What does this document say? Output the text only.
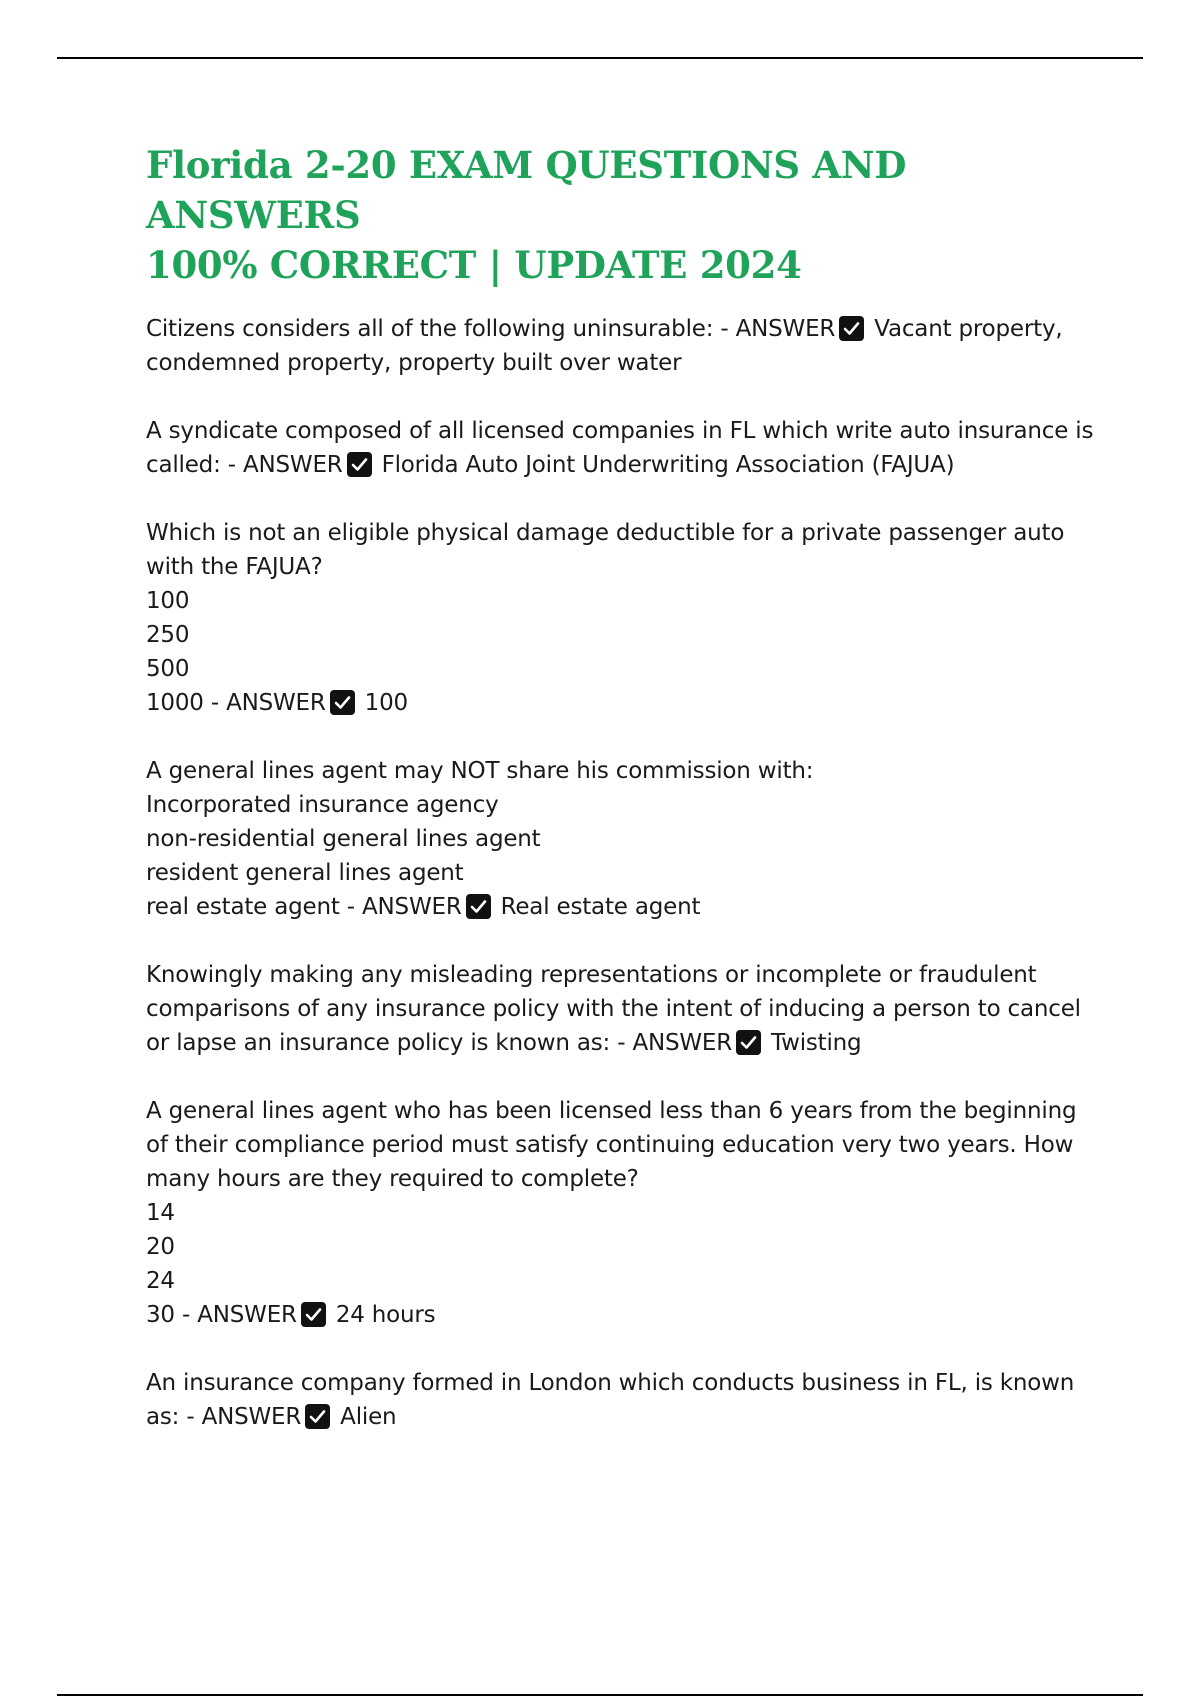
Florida 2-20 EXAM QUESTIONS AND ANSWERS
100% CORRECT | UPDATE 2024
Citizens considers all of the following uninsurable: - ANSWER Vacant property, condemned property, property built over water
A syndicate composed of all licensed companies in FL which write auto insurance is called: - ANSWER Florida Auto Joint Underwriting Association (FAJUA)
Which is not an eligible physical damage deductible for a private passenger auto with the FAJUA?
100
250
500
1000 - ANSWER 100
A general lines agent may NOT share his commission with:
Incorporated insurance agency
non-residential general lines agent
resident general lines agent
real estate agent - ANSWER Real estate agent
Knowingly making any misleading representations or incomplete or fraudulent comparisons of any insurance policy with the intent of inducing a person to cancel or lapse an insurance policy is known as: - ANSWER Twisting
A general lines agent who has been licensed less than 6 years from the beginning of their compliance period must satisfy continuing education very two years. How many hours are they required to complete?
14
20
24
30 - ANSWER 24 hours
An insurance company formed in London which conducts business in FL, is known as: - ANSWER Alien
